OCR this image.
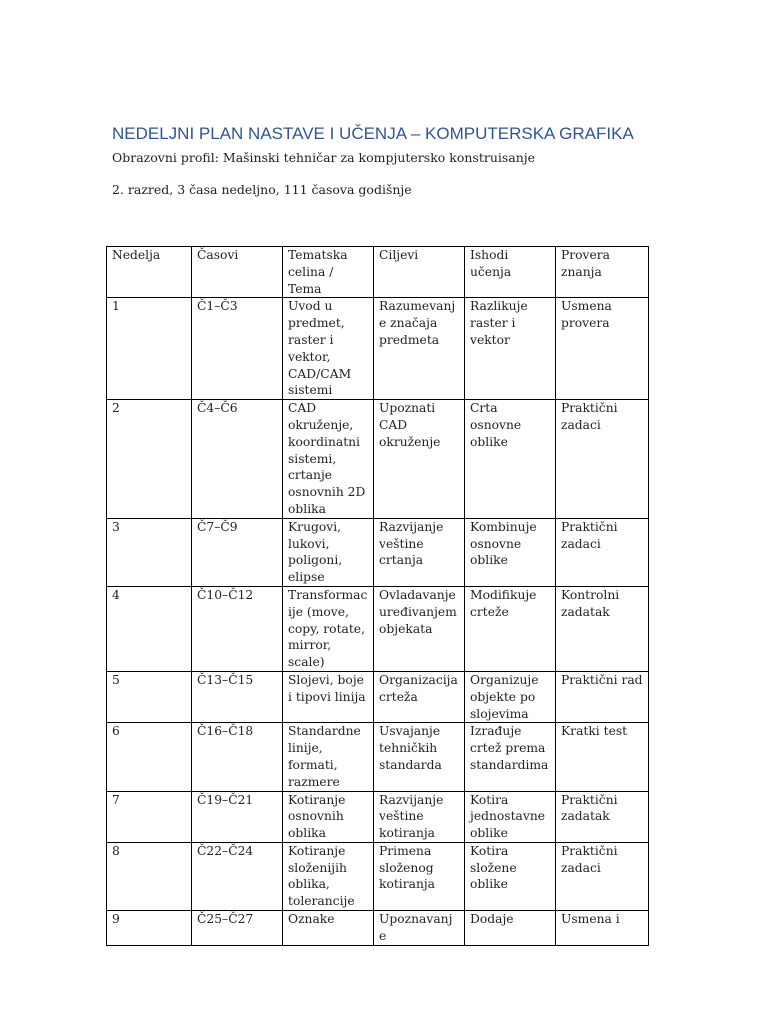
NEDELJNI PLAN NASTAVE I UČENJA – KOMPUTERSKA GRAFIKA
Obrazovni profil: Mašinski tehničar za kompjutersko konstruisanje
2. razred, 3 časa nedeljno, 111 časova godišnje
Nedelja	Časovi	Tematska celina / Tema	Ciljevi	Ishodi učenja	Provera znanja
1	Č1–Č3	Uvod u predmet, raster i vektor, CAD/CAM sistemi	Razumevanje značaja predmeta	Razlikuje raster i vektor	Usmena provera
2	Č4–Č6	CAD okruženje, koordinatni sistemi, crtanje osnovnih 2D oblika	Upoznati CAD okruženje	Crta osnovne oblike	Praktični zadaci
3	Č7–Č9	Krugovi, lukovi, poligoni, elipse	Razvijanje veštine crtanja	Kombinuje osnovne oblike	Praktični zadaci
4	Č10–Č12	Transformacije (move, copy, rotate, mirror, scale)	Ovladavanje uređivanjem objekata	Modifikuje crteže	Kontrolni zadatak
5	Č13–Č15	Slojevi, boje i tipovi linija	Organizacija crteža	Organizuje objekte po slojevima	Praktični rad
6	Č16–Č18	Standardne linije, formati, razmere	Usvajanje tehničkih standarda	Izrađuje crtež prema standardima	Kratki test
7	Č19–Č21	Kotiranje osnovnih oblika	Razvijanje veštine kotiranja	Kotira jednostavne oblike	Praktični zadatak
8	Č22–Č24	Kotiranje složenijih oblika, tolerancije	Primena složenog kotiranja	Kotira složene oblike	Praktični zadaci
9	Č25–Č27	Oznake	Upoznavanje	Dodaje	Usmena i
